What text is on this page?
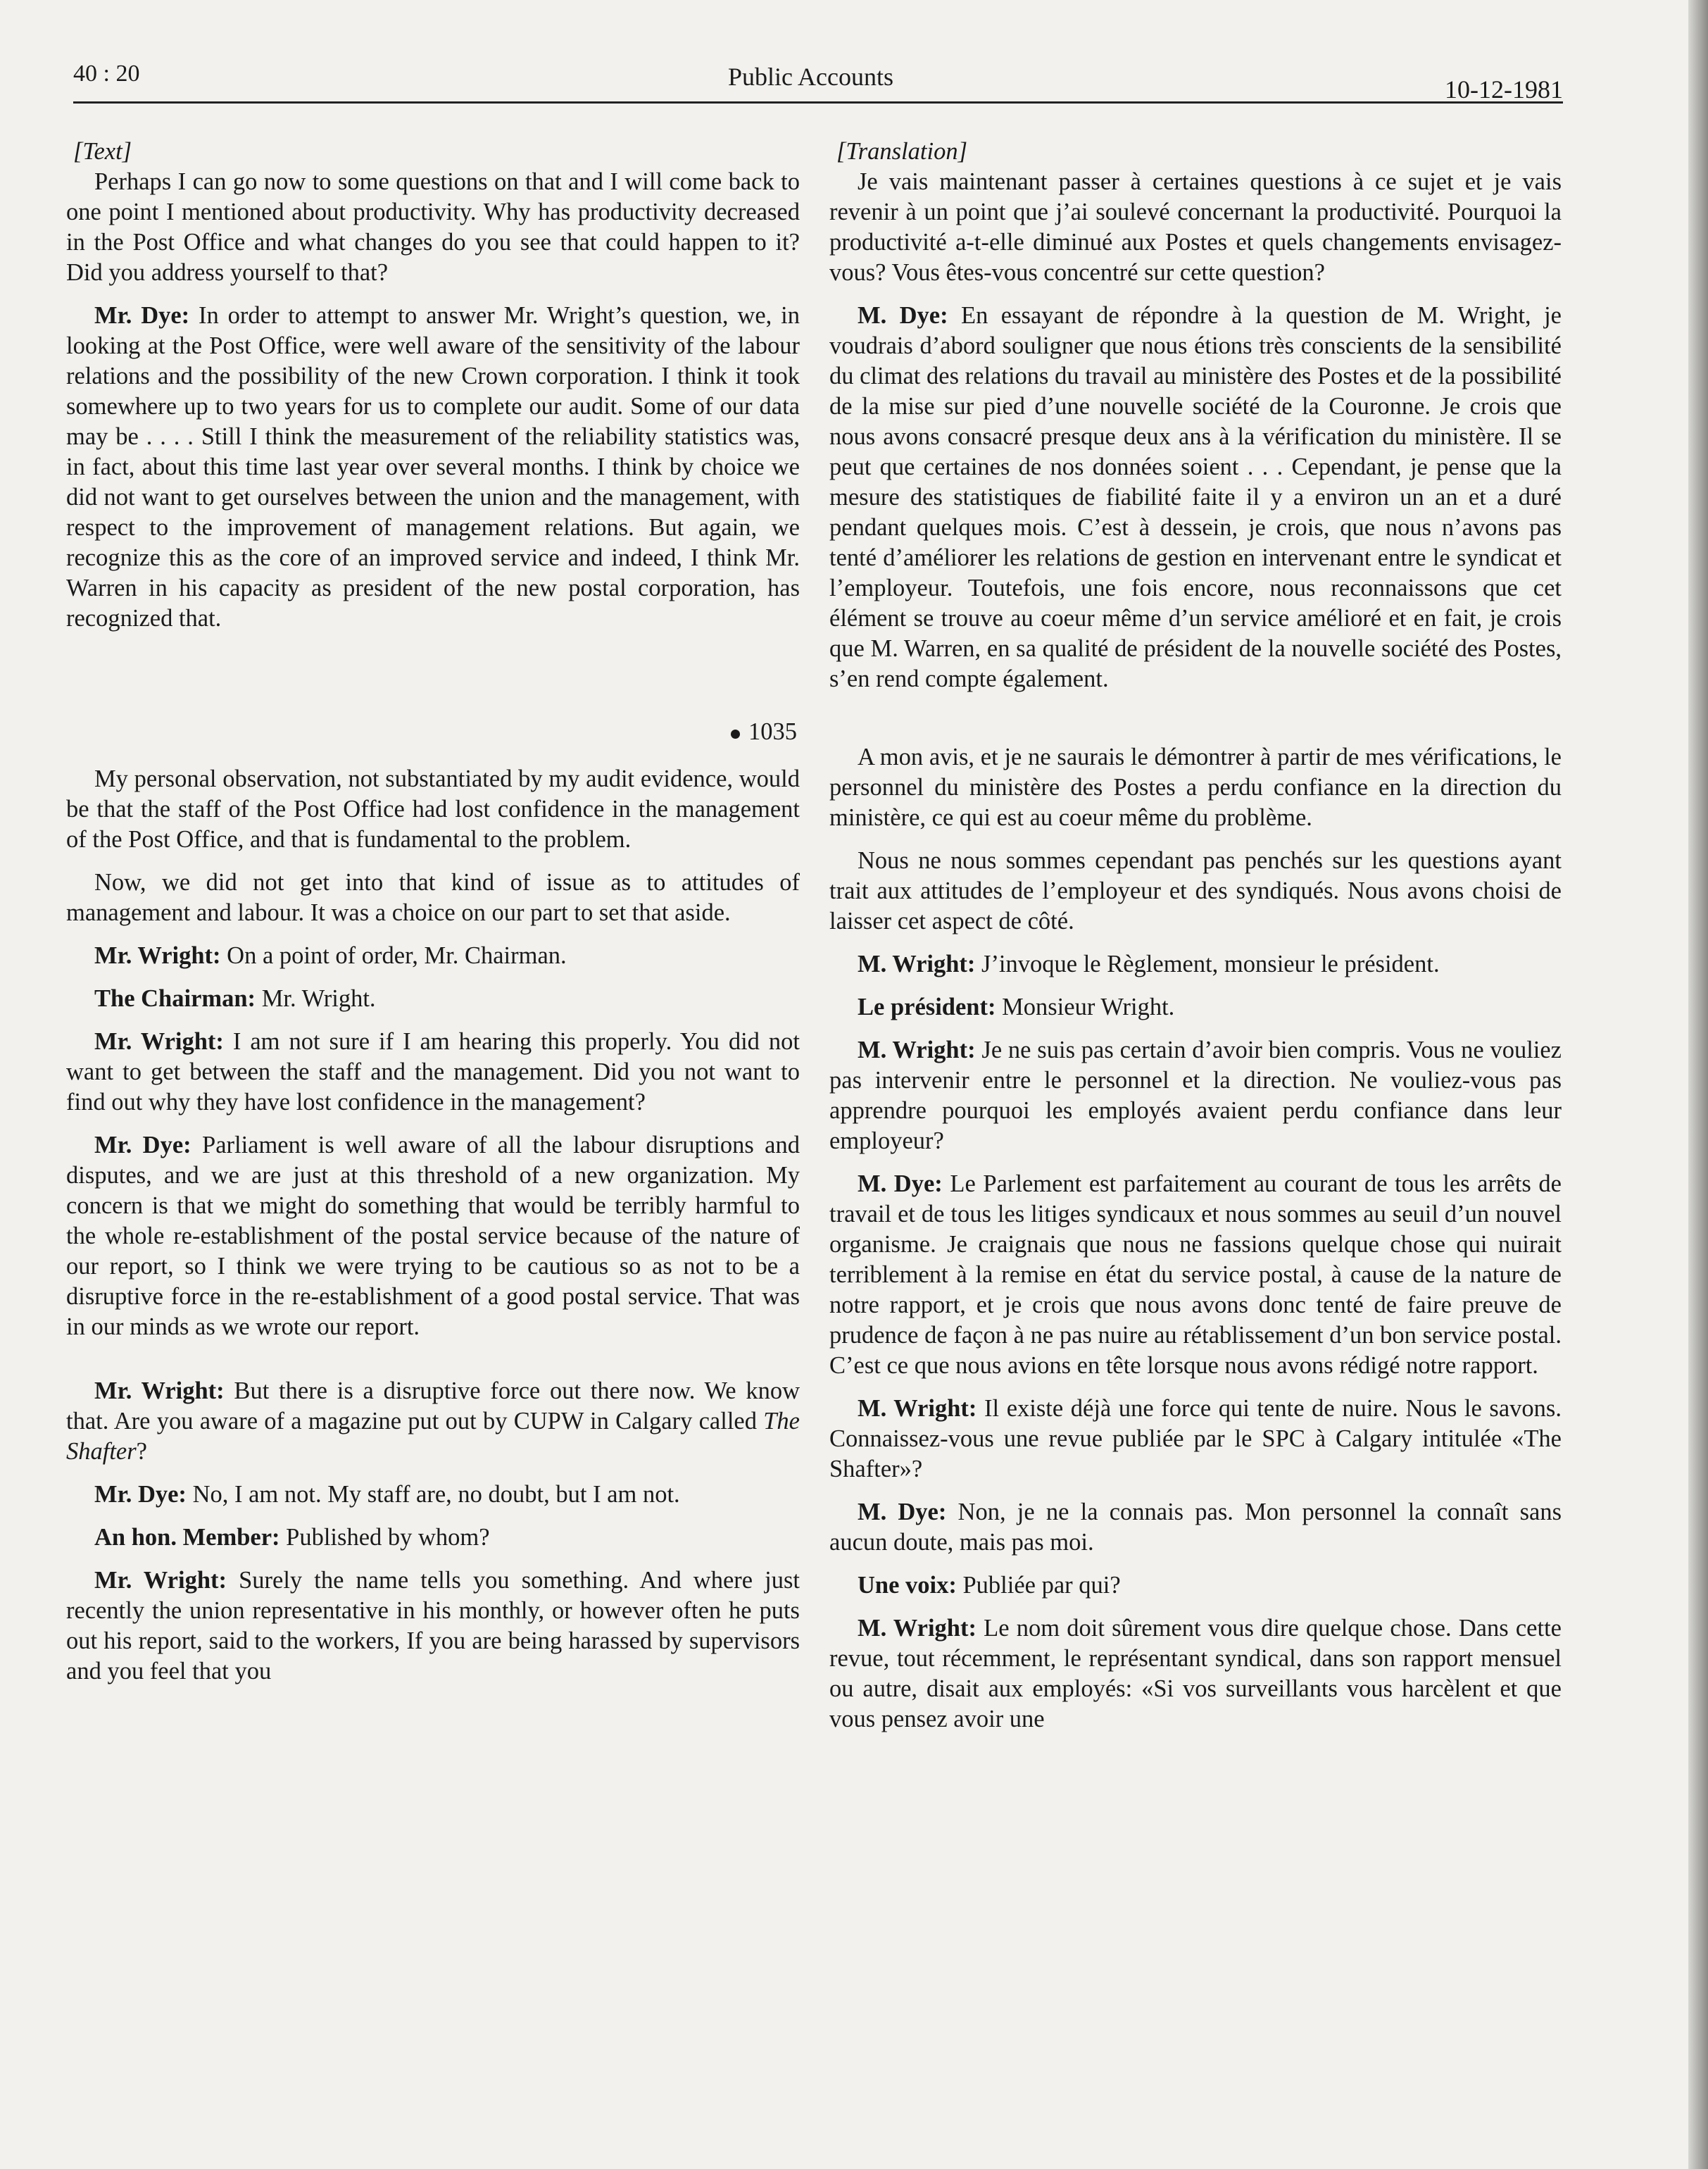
40 : 20	Public Accounts	10-12-1981

[Text]

Perhaps I can go now to some questions on that and I will come back to one point I mentioned about productivity. Why has productivity decreased in the Post Office and what changes do you see that could happen to it? Did you address yourself to that?

Mr. Dye: In order to attempt to answer Mr. Wright’s question, we, in looking at the Post Office, were well aware of the sensitivity of the labour relations and the possibility of the new Crown corporation. I think it took somewhere up to two years for us to complete our audit. Some of our data may be . . . . Still I think the measurement of the reliability statistics was, in fact, about this time last year over several months. I think by choice we did not want to get ourselves between the union and the management, with respect to the improvement of management relations. But again, we recognize this as the core of an improved service and indeed, I think Mr. Warren in his capacity as president of the new postal corporation, has recognized that.

1035

My personal observation, not substantiated by my audit evidence, would be that the staff of the Post Office had lost confidence in the management of the Post Office, and that is fundamental to the problem.

Now, we did not get into that kind of issue as to attitudes of management and labour. It was a choice on our part to set that aside.

Mr. Wright: On a point of order, Mr. Chairman.

The Chairman: Mr. Wright.

Mr. Wright: I am not sure if I am hearing this properly. You did not want to get between the staff and the management. Did you not want to find out why they have lost confidence in the management?

Mr. Dye: Parliament is well aware of all the labour disruptions and disputes, and we are just at this threshold of a new organization. My concern is that we might do something that would be terribly harmful to the whole re-establishment of the postal service because of the nature of our report, so I think we were trying to be cautious so as not to be a disruptive force in the re-establishment of a good postal service. That was in our minds as we wrote our report.

Mr. Wright: But there is a disruptive force out there now. We know that. Are you aware of a magazine put out by CUPW in Calgary called The Shafter?

Mr. Dye: No, I am not. My staff are, no doubt, but I am not.

An hon. Member: Published by whom?

Mr. Wright: Surely the name tells you something. And where just recently the union representative in his monthly, or however often he puts out his report, said to the workers, If you are being harassed by supervisors and you feel that you

[Translation]

Je vais maintenant passer à certaines questions à ce sujet et je vais revenir à un point que j’ai soulevé concernant la productivité. Pourquoi la productivité a-t-elle diminué aux Postes et quels changements envisagez-vous? Vous êtes-vous concentré sur cette question?

M. Dye: En essayant de répondre à la question de M. Wright, je voudrais d’abord souligner que nous étions très conscients de la sensibilité du climat des relations du travail au ministère des Postes et de la possibilité de la mise sur pied d’une nouvelle société de la Couronne. Je crois que nous avons consacré presque deux ans à la vérification du ministère. Il se peut que certaines de nos données soient . . . Cependant, je pense que la mesure des statistiques de fiabilité faite il y a environ un an et a duré pendant quelques mois. C’est à dessein, je crois, que nous n’avons pas tenté d’améliorer les relations de gestion en intervenant entre le syndicat et l’employeur. Toutefois, une fois encore, nous reconnaissons que cet élément se trouve au coeur même d’un service amélioré et en fait, je crois que M. Warren, en sa qualité de président de la nouvelle société des Postes, s’en rend compte également.

A mon avis, et je ne saurais le démontrer à partir de mes vérifications, le personnel du ministère des Postes a perdu confiance en la direction du ministère, ce qui est au coeur même du problème.

Nous ne nous sommes cependant pas penchés sur les questions ayant trait aux attitudes de l’employeur et des syndiqués. Nous avons choisi de laisser cet aspect de côté.

M. Wright: J’invoque le Règlement, monsieur le président.

Le président: Monsieur Wright.

M. Wright: Je ne suis pas certain d’avoir bien compris. Vous ne vouliez pas intervenir entre le personnel et la direction. Ne vouliez-vous pas apprendre pourquoi les employés avaient perdu confiance dans leur employeur?

M. Dye: Le Parlement est parfaitement au courant de tous les arrêts de travail et de tous les litiges syndicaux et nous sommes au seuil d’un nouvel organisme. Je craignais que nous ne fassions quelque chose qui nuirait terriblement à la remise en état du service postal, à cause de la nature de notre rapport, et je crois que nous avons donc tenté de faire preuve de prudence de façon à ne pas nuire au rétablissement d’un bon service postal. C’est ce que nous avions en tête lorsque nous avons rédigé notre rapport.

M. Wright: Il existe déjà une force qui tente de nuire. Nous le savons. Connaissez-vous une revue publiée par le SPC à Calgary intitulée «The Shafter»?

M. Dye: Non, je ne la connais pas. Mon personnel la connaît sans aucun doute, mais pas moi.

Une voix: Publiée par qui?

M. Wright: Le nom doit sûrement vous dire quelque chose. Dans cette revue, tout récemment, le représentant syndical, dans son rapport mensuel ou autre, disait aux employés: «Si vos surveillants vous harcèlent et que vous pensez avoir une
